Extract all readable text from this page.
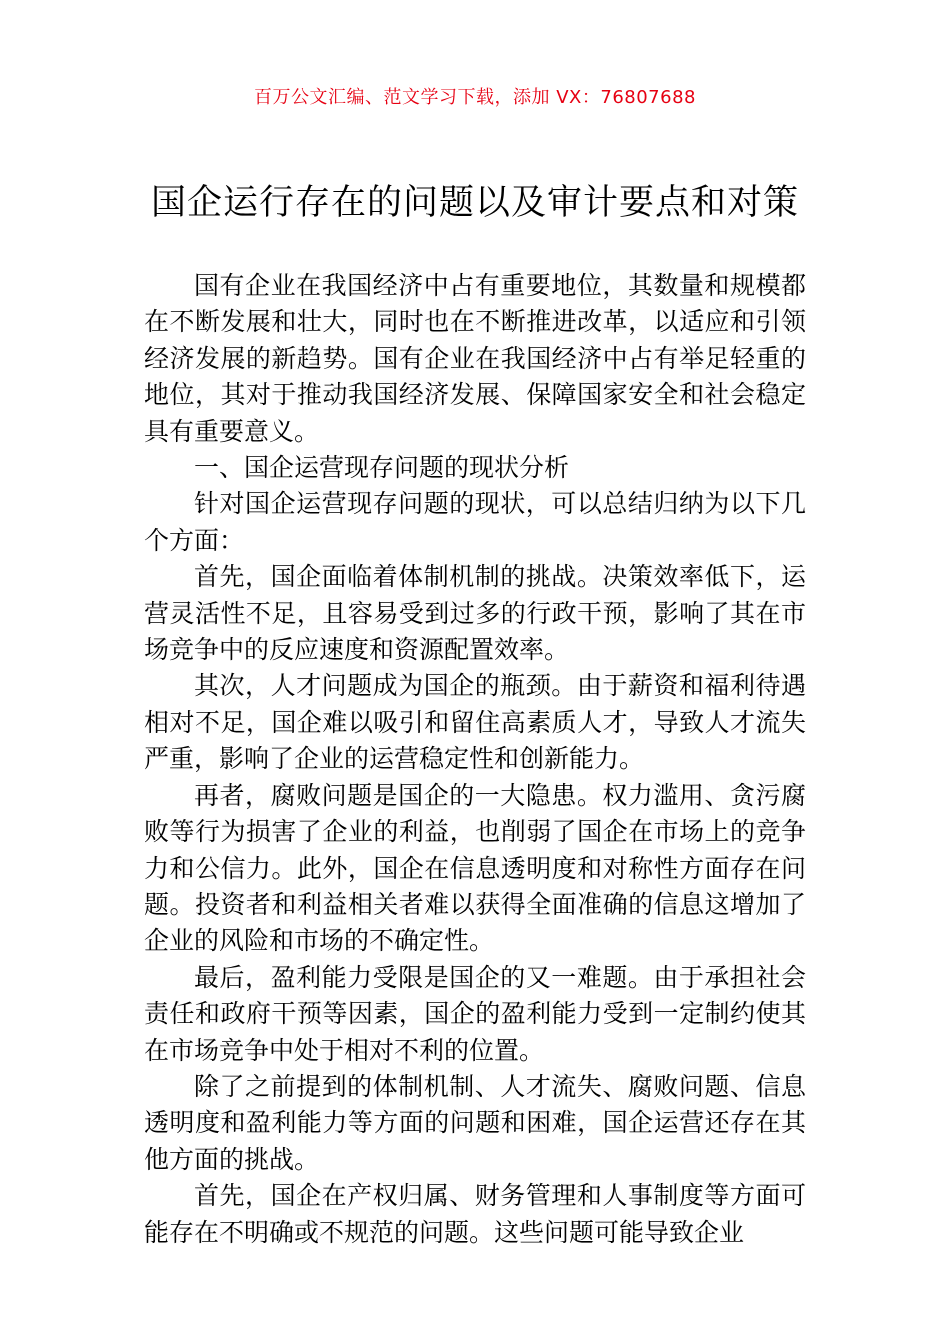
百万公文汇编、范文学习下载，添加 VX：76807688
国企运行存在的问题以及审计要点和对策

国有企业在我国经济中占有重要地位，其数量和规模都在不断发展和壮大，同时也在不断推进改革，以适应和引领经济发展的新趋势。国有企业在我国经济中占有举足轻重的地位，其对于推动我国经济发展、保障国家安全和社会稳定具有重要意义。

一、国企运营现存问题的现状分析

针对国企运营现存问题的现状，可以总结归纳为以下几个方面：

首先，国企面临着体制机制的挑战。决策效率低下，运营灵活性不足，且容易受到过多的行政干预，影响了其在市场竞争中的反应速度和资源配置效率。

其次，人才问题成为国企的瓶颈。由于薪资和福利待遇相对不足，国企难以吸引和留住高素质人才，导致人才流失严重，影响了企业的运营稳定性和创新能力。

再者，腐败问题是国企的一大隐患。权力滥用、贪污腐败等行为损害了企业的利益，也削弱了国企在市场上的竞争力和公信力。此外，国企在信息透明度和对称性方面存在问题。投资者和利益相关者难以获得全面准确的信息这增加了企业的风险和市场的不确定性。

最后，盈利能力受限是国企的又一难题。由于承担社会责任和政府干预等因素，国企的盈利能力受到一定制约使其在市场竞争中处于相对不利的位置。

除了之前提到的体制机制、人才流失、腐败问题、信息透明度和盈利能力等方面的问题和困难，国企运营还存在其他方面的挑战。

首先，国企在产权归属、财务管理和人事制度等方面可能存在不明确或不规范的问题。这些问题可能导致企业
